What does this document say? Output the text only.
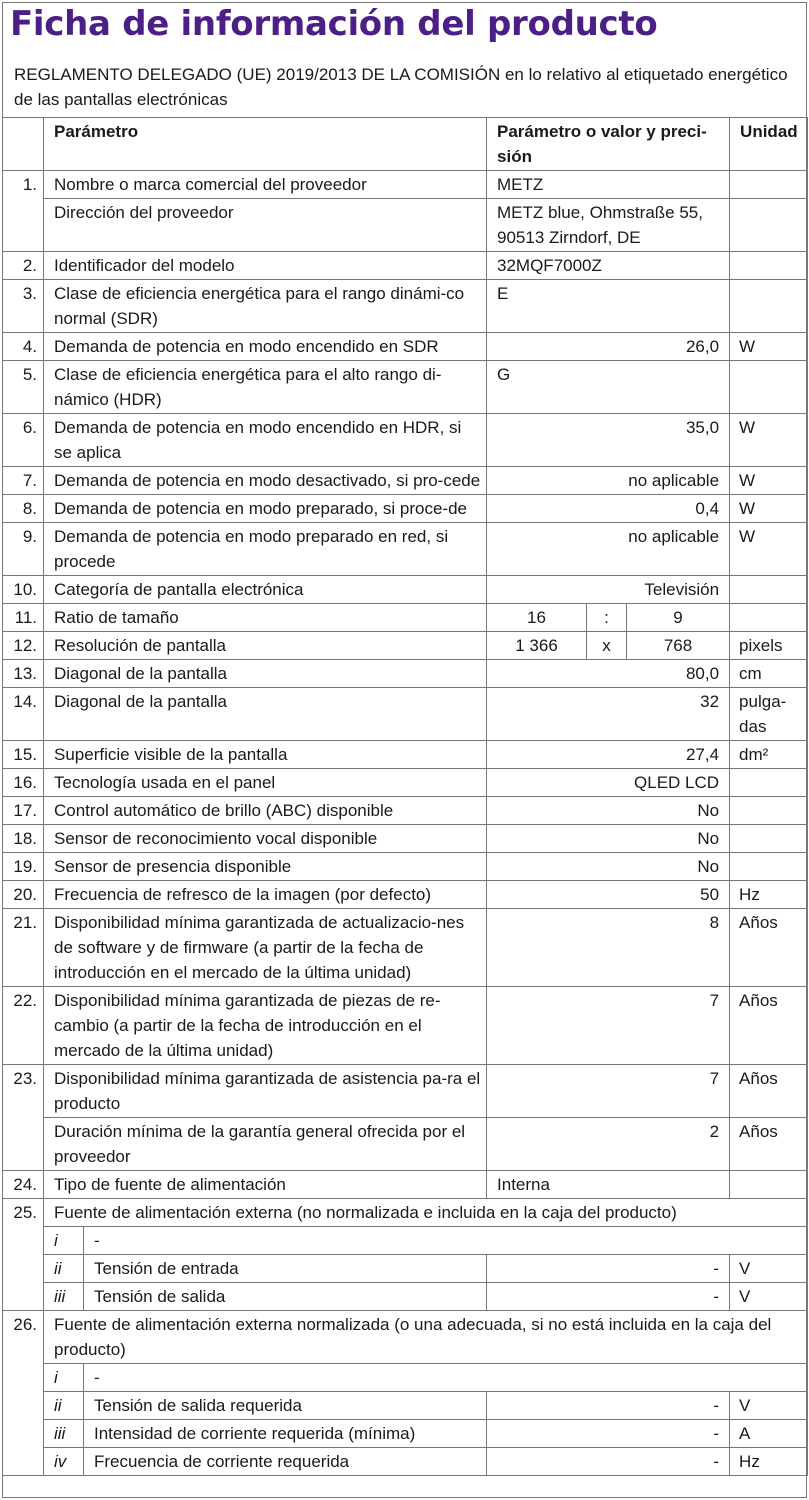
Ficha de información del producto
REGLAMENTO DELEGADO (UE) 2019/2013 DE LA COMISIÓN en lo relativo al etiquetado energético de las pantallas electrónicas
	Parámetro		Parámetro o valor y preci-sión			Unidad
1.	Nombre o marca comercial del proveedor		METZ			
	Dirección del proveedor		METZ blue, Ohmstraße 55, 90513 Zirndorf, DE			
2.	Identificador del modelo		32MQF7000Z			
3.	Clase de eficiencia energética para el rango dinámi-co normal (SDR)		E			
4.	Demanda de potencia en modo encendido en SDR		26,0			W
5.	Clase de eficiencia energética para el alto rango di-námico (HDR)		G			
6.	Demanda de potencia en modo encendido en HDR, si se aplica		35,0			W
7.	Demanda de potencia en modo desactivado, si pro-cede		no aplicable			W
8.	Demanda de potencia en modo preparado, si proce-de		0,4			W
9.	Demanda de potencia en modo preparado en red, si procede		no aplicable			W
10.	Categoría de pantalla electrónica		Televisión			
11.	Ratio de tamaño		16	:	9	
12.	Resolución de pantalla		1 366	x	768	pixels
13.	Diagonal de la pantalla		80,0			cm
14.	Diagonal de la pantalla		32			pulga-das
15.	Superficie visible de la pantalla		27,4			dm²
16.	Tecnología usada en el panel		QLED LCD			
17.	Control automático de brillo (ABC) disponible		No			
18.	Sensor de reconocimiento vocal disponible		No			
19.	Sensor de presencia disponible		No			
20.	Frecuencia de refresco de la imagen (por defecto)		50			Hz
21.	Disponibilidad mínima garantizada de actualizacio-nes de software y de firmware (a partir de la fecha de introducción en el mercado de la última unidad)		8			Años
22.	Disponibilidad mínima garantizada de piezas de re-cambio (a partir de la fecha de introducción en el mercado de la última unidad)		7			Años
23.	Disponibilidad mínima garantizada de asistencia pa-ra el producto		7			Años
	Duración mínima de la garantía general ofrecida por el proveedor		2			Años
24.	Tipo de fuente de alimentación		Interna			
25.	Fuente de alimentación externa (no normalizada e incluida en la caja del producto)					
	i	-				
	ii	Tensión de entrada	-			V
	iii	Tensión de salida	-			V
26.	Fuente de alimentación externa normalizada (o una adecuada, si no está incluida en la caja del producto)					
	i	-				
	ii	Tensión de salida requerida	-			V
	iii	Intensidad de corriente requerida (mínima)	-			A
	iv	Frecuencia de corriente requerida	-			Hz
